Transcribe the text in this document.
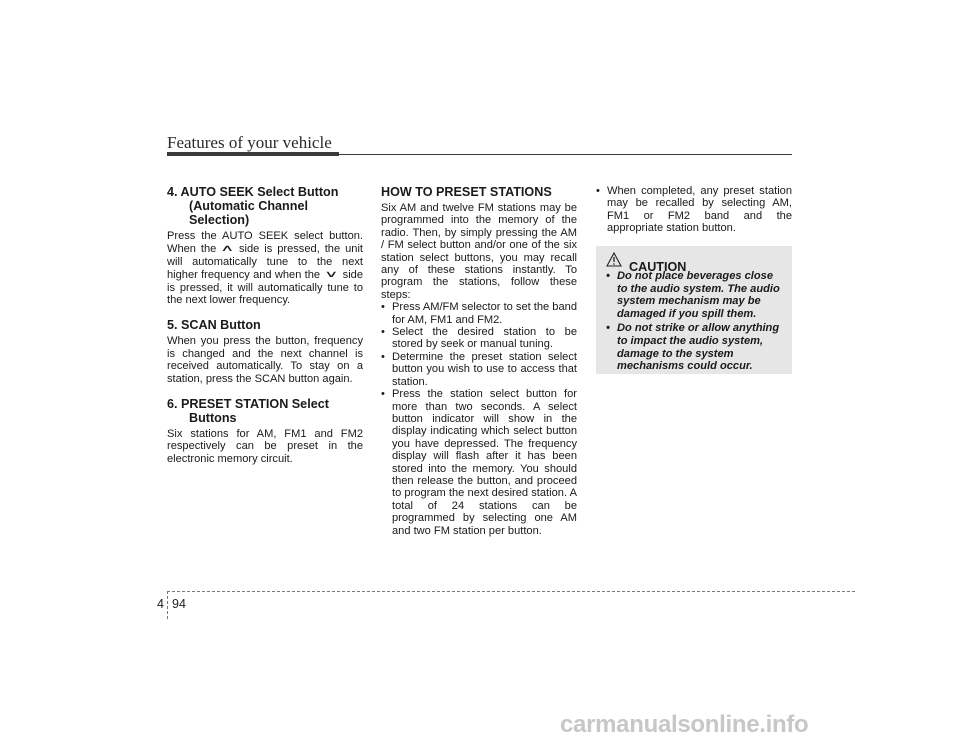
Features of your vehicle
4. AUTO SEEK Select Button (Automatic Channel Selection)

Press the AUTO SEEK select button. When the ∧ side is pressed, the unit will automatically tune to the next higher frequency and when the ∨ side is pressed, it will automatically tune to the next lower frequency.

5. SCAN Button

When you press the button, frequency is changed and the next channel is received automatically. To stay on a station, press the SCAN button again.

6. PRESET STATION Select Buttons

Six stations for AM, FM1 and FM2 respectively can be preset in the electronic memory circuit.

HOW TO PRESET STATIONS

Six AM and twelve FM stations may be programmed into the memory of the radio. Then, by simply pressing the AM / FM select button and/or one of the six station select buttons, you may recall any of these stations instantly. To program the stations, follow these steps:

• Press AM/FM selector to set the band for AM, FM1 and FM2.
• Select the desired station to be stored by seek or manual tuning.
• Determine the preset station select button you wish to use to access that station.
• Press the station select button for more than two seconds. A select button indicator will show in the display indicating which select button you have depressed. The frequency display will flash after it has been stored into the memory. You should then release the button, and proceed to program the next desired station. A total of 24 stations can be programmed by selecting one AM and two FM station per button.
• When completed, any preset station may be recalled by selecting AM, FM1 or FM2 band and the appropriate station button.
CAUTION
• Do not place beverages close to the audio system. The audio system mechanism may be damaged if you spill them.
• Do not strike or allow anything to impact the audio system, damage to the system mechanisms could occur.
4 94
carmanualsonline.info
